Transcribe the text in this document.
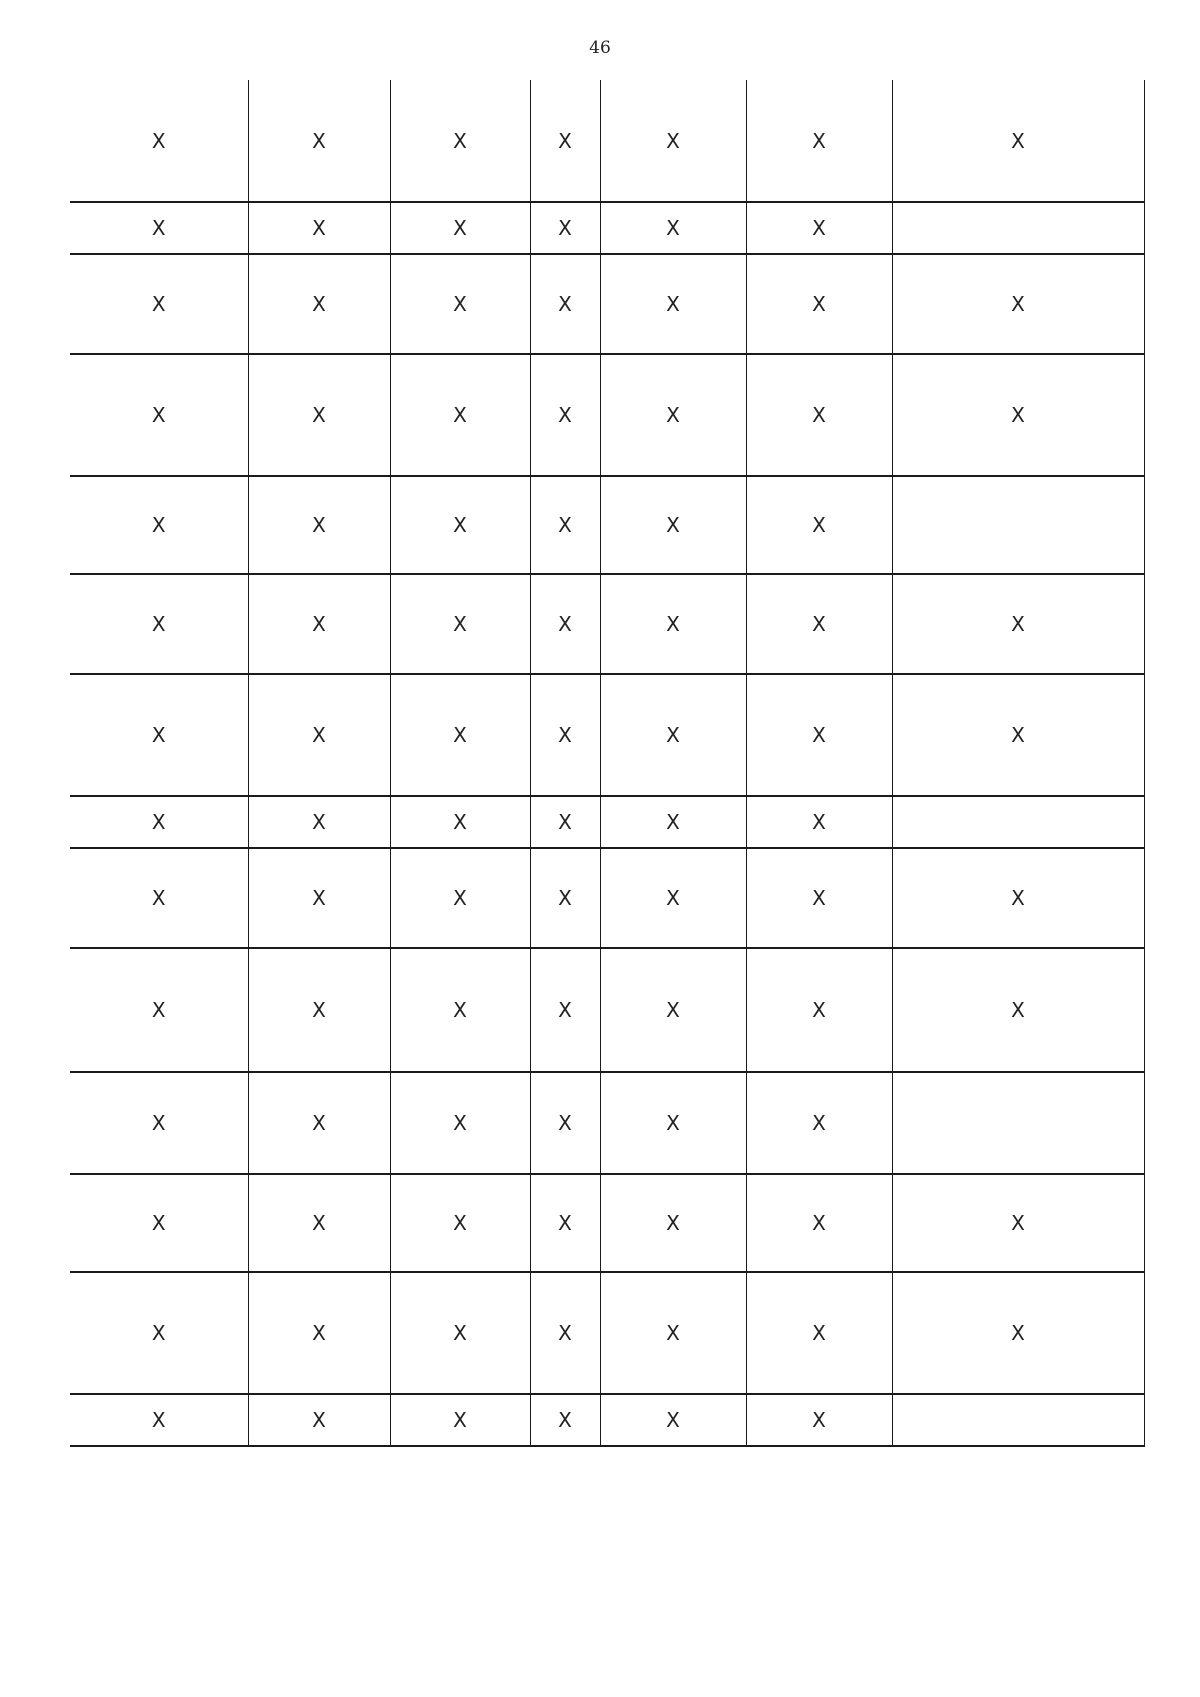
46
X	X	X	X	X	X	X
X	X	X	X	X	X	
X	X	X	X	X	X	X
X	X	X	X	X	X	X
X	X	X	X	X	X	
X	X	X	X	X	X	X
X	X	X	X	X	X	X
X	X	X	X	X	X	
X	X	X	X	X	X	X
X	X	X	X	X	X	X
X	X	X	X	X	X	
X	X	X	X	X	X	X
X	X	X	X	X	X	X
X	X	X	X	X	X	
